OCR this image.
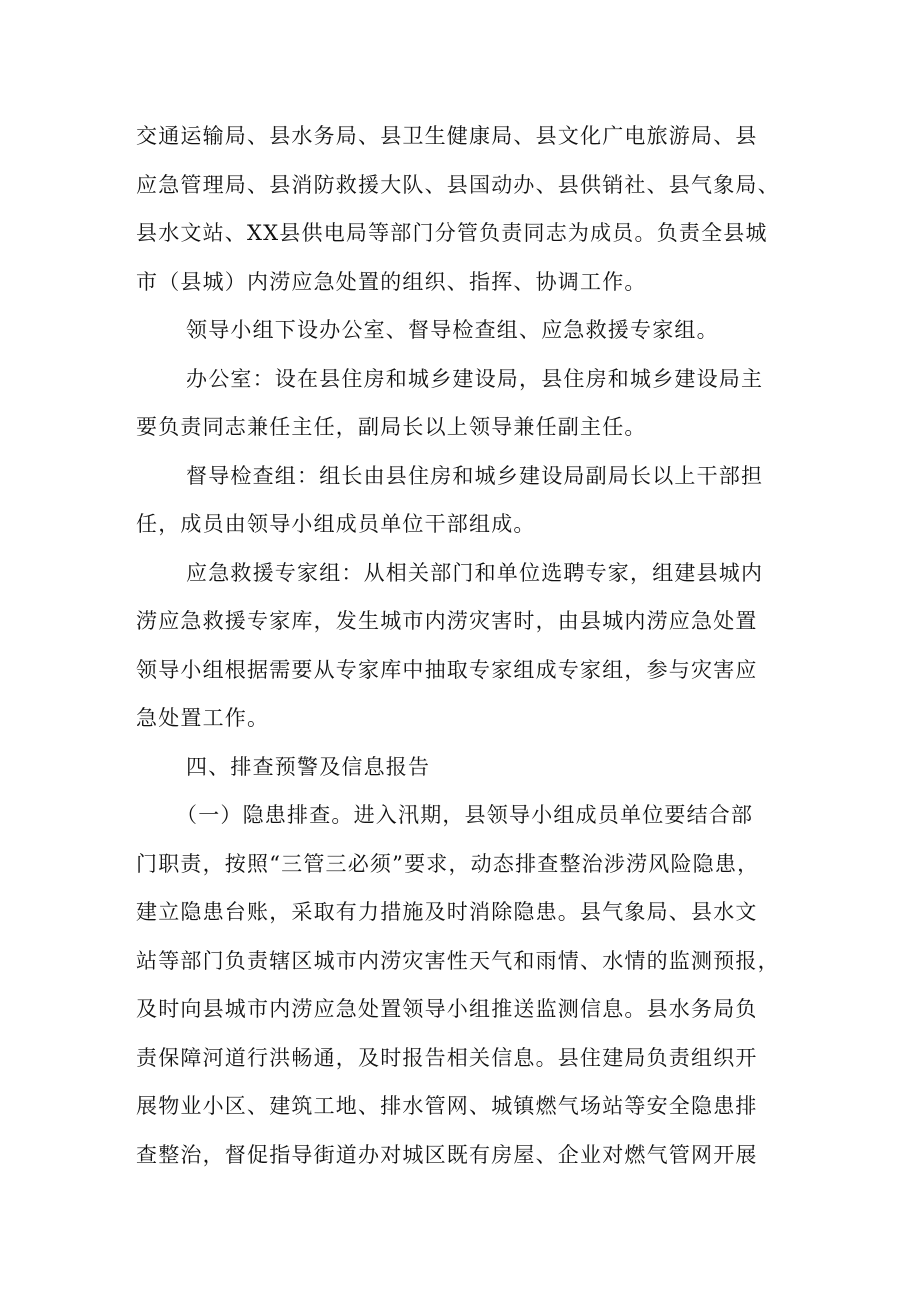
交通运输局、县水务局、县卫生健康局、县文化广电旅游局、县
应急管理局、县消防救援大队、县国动办、县供销社、县气象局、
县水文站、XX县供电局等部门分管负责同志为成员。负责全县城
市（县城）内涝应急处置的组织、指挥、协调工作。
领导小组下设办公室、督导检查组、应急救援专家组。
办公室：设在县住房和城乡建设局，县住房和城乡建设局主
要负责同志兼任主任，副局长以上领导兼任副主任。
督导检查组：组长由县住房和城乡建设局副局长以上干部担
任，成员由领导小组成员单位干部组成。
应急救援专家组：从相关部门和单位选聘专家，组建县城内
涝应急救援专家库，发生城市内涝灾害时，由县城内涝应急处置
领导小组根据需要从专家库中抽取专家组成专家组，参与灾害应
急处置工作。
四、排查预警及信息报告
（一）隐患排查。进入汛期，县领导小组成员单位要结合部
门职责，按照“三管三必须”要求，动态排查整治涉涝风险隐患，
建立隐患台账，采取有力措施及时消除隐患。县气象局、县水文
站等部门负责辖区城市内涝灾害性天气和雨情、水情的监测预报，
及时向县城市内涝应急处置领导小组推送监测信息。县水务局负
责保障河道行洪畅通，及时报告相关信息。县住建局负责组织开
展物业小区、建筑工地、排水管网、城镇燃气场站等安全隐患排
查整治，督促指导街道办对城区既有房屋、企业对燃气管网开展
